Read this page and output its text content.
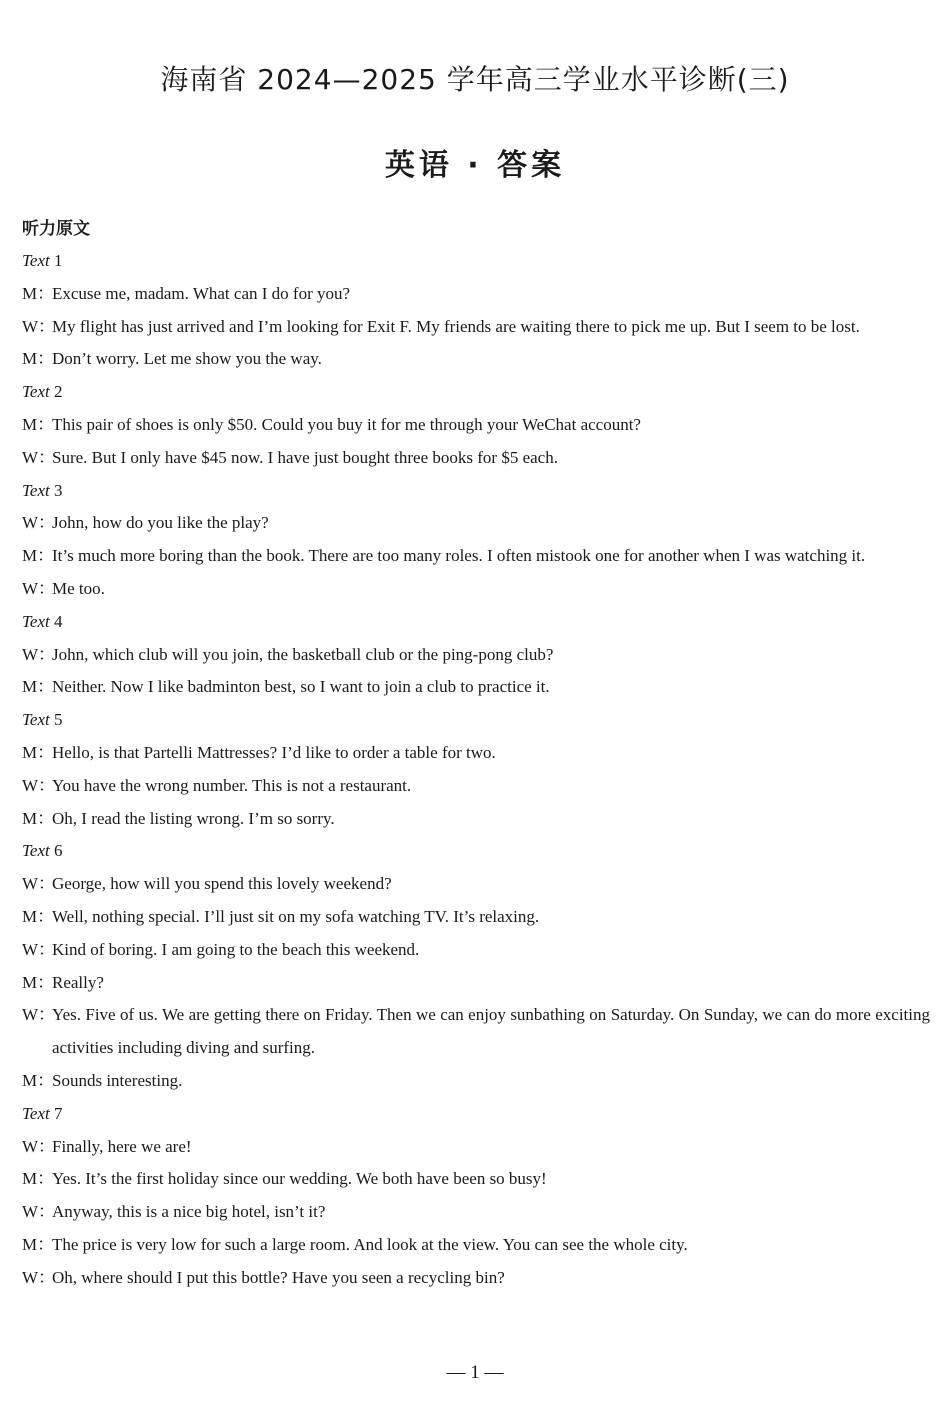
海南省 2024—2025 学年高三学业水平诊断(三)
英语 · 答案
听力原文

Text 1

M：Excuse me, madam. What can I do for you?

W：My flight has just arrived and I’m looking for Exit F. My friends are waiting there to pick me up. But I seem to be lost.

M：Don’t worry. Let me show you the way.

Text 2

M：This pair of shoes is only $50. Could you buy it for me through your WeChat account?

W：Sure. But I only have $45 now. I have just bought three books for $5 each.

Text 3

W：John, how do you like the play?

M：It’s much more boring than the book. There are too many roles. I often mistook one for another when I was watching it.

W：Me too.

Text 4

W：John, which club will you join, the basketball club or the ping-pong club?

M：Neither. Now I like badminton best, so I want to join a club to practice it.

Text 5

M：Hello, is that Partelli Mattresses? I’d like to order a table for two.

W：You have the wrong number. This is not a restaurant.

M：Oh, I read the listing wrong. I’m so sorry.

Text 6

W：George, how will you spend this lovely weekend?

M：Well, nothing special. I’ll just sit on my sofa watching TV. It’s relaxing.

W：Kind of boring. I am going to the beach this weekend.

M：Really?

W：Yes. Five of us. We are getting there on Friday. Then we can enjoy sunbathing on Saturday. On Sunday, we can do more exciting activities including diving and surfing.

M：Sounds interesting.

Text 7

W：Finally, here we are!

M：Yes. It’s the first holiday since our wedding. We both have been so busy!

W：Anyway, this is a nice big hotel, isn’t it?

M：The price is very low for such a large room. And look at the view. You can see the whole city.

W：Oh, where should I put this bottle? Have you seen a recycling bin?

— 1 —
